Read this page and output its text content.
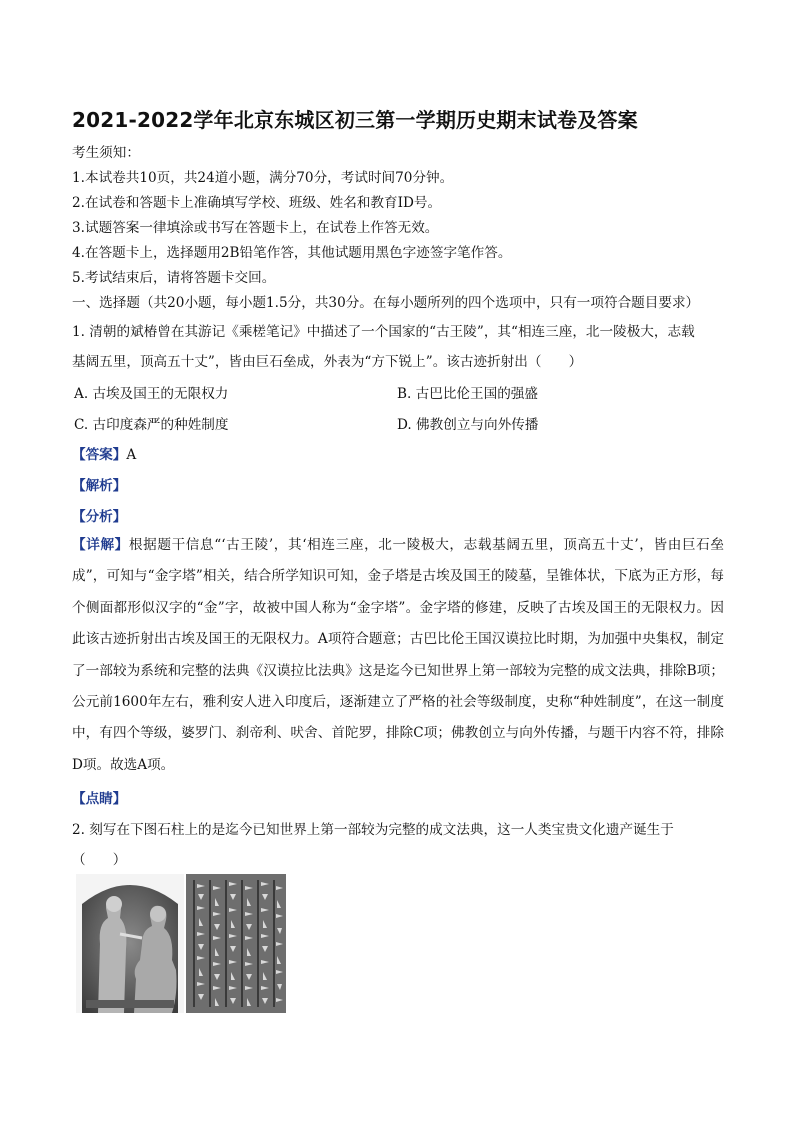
2021-2022学年北京东城区初三第一学期历史期末试卷及答案
考生须知：
1.本试卷共10页，共24道小题，满分70分，考试时间70分钟。
2.在试卷和答题卡上准确填写学校、班级、姓名和教育ID号。
3.试题答案一律填涂或书写在答题卡上，在试卷上作答无效。
4.在答题卡上，选择题用2B铅笔作答，其他试题用黑色字迹签字笔作答。
5.考试结束后，请将答题卡交回。
一、选择题（共20小题，每小题1.5分，共30分。在每小题所列的四个选项中，只有一项符合题目要求）
1. 清朝的斌椿曾在其游记《乘槎笔记》中描述了一个国家的“古王陵”，其“相连三座，北一陵极大，志载
基阔五里，顶高五十丈”，皆由巨石垒成，外表为“方下锐上”。该古迹折射出（　　）
A. 古埃及国王的无限权力	B. 古巴比伦王国的强盛
C. 古印度森严的种姓制度	D. 佛教创立与向外传播
【答案】A
【解析】
【分析】
【详解】根据题干信息“‘古王陵’，其‘相连三座，北一陵极大，志载基阔五里，顶高五十丈’，皆由巨石垒成”，可知与“金字塔”相关，结合所学知识可知，金子塔是古埃及国王的陵墓，呈锥体状，下底为正方形，每个侧面都形似汉字的“金”字，故被中国人称为“金字塔”。金字塔的修建，反映了古埃及国王的无限权力。因此该古迹折射出古埃及国王的无限权力。A项符合题意；古巴比伦王国汉谟拉比时期，为加强中央集权，制定了一部较为系统和完整的法典《汉谟拉比法典》这是迄今已知世界上第一部较为完整的成文法典，排除B项；公元前1600年左右，雅利安人进入印度后，逐渐建立了严格的社会等级制度，史称“种姓制度”，在这一制度中，有四个等级，婆罗门、刹帝利、吠舍、首陀罗，排除C项；佛教创立与向外传播，与题干内容不符，排除D项。故选A项。
【点睛】
2. 刻写在下图石柱上的是迄今已知世界上第一部较为完整的成文法典，这一人类宝贵文化遗产诞生于
（　　）
